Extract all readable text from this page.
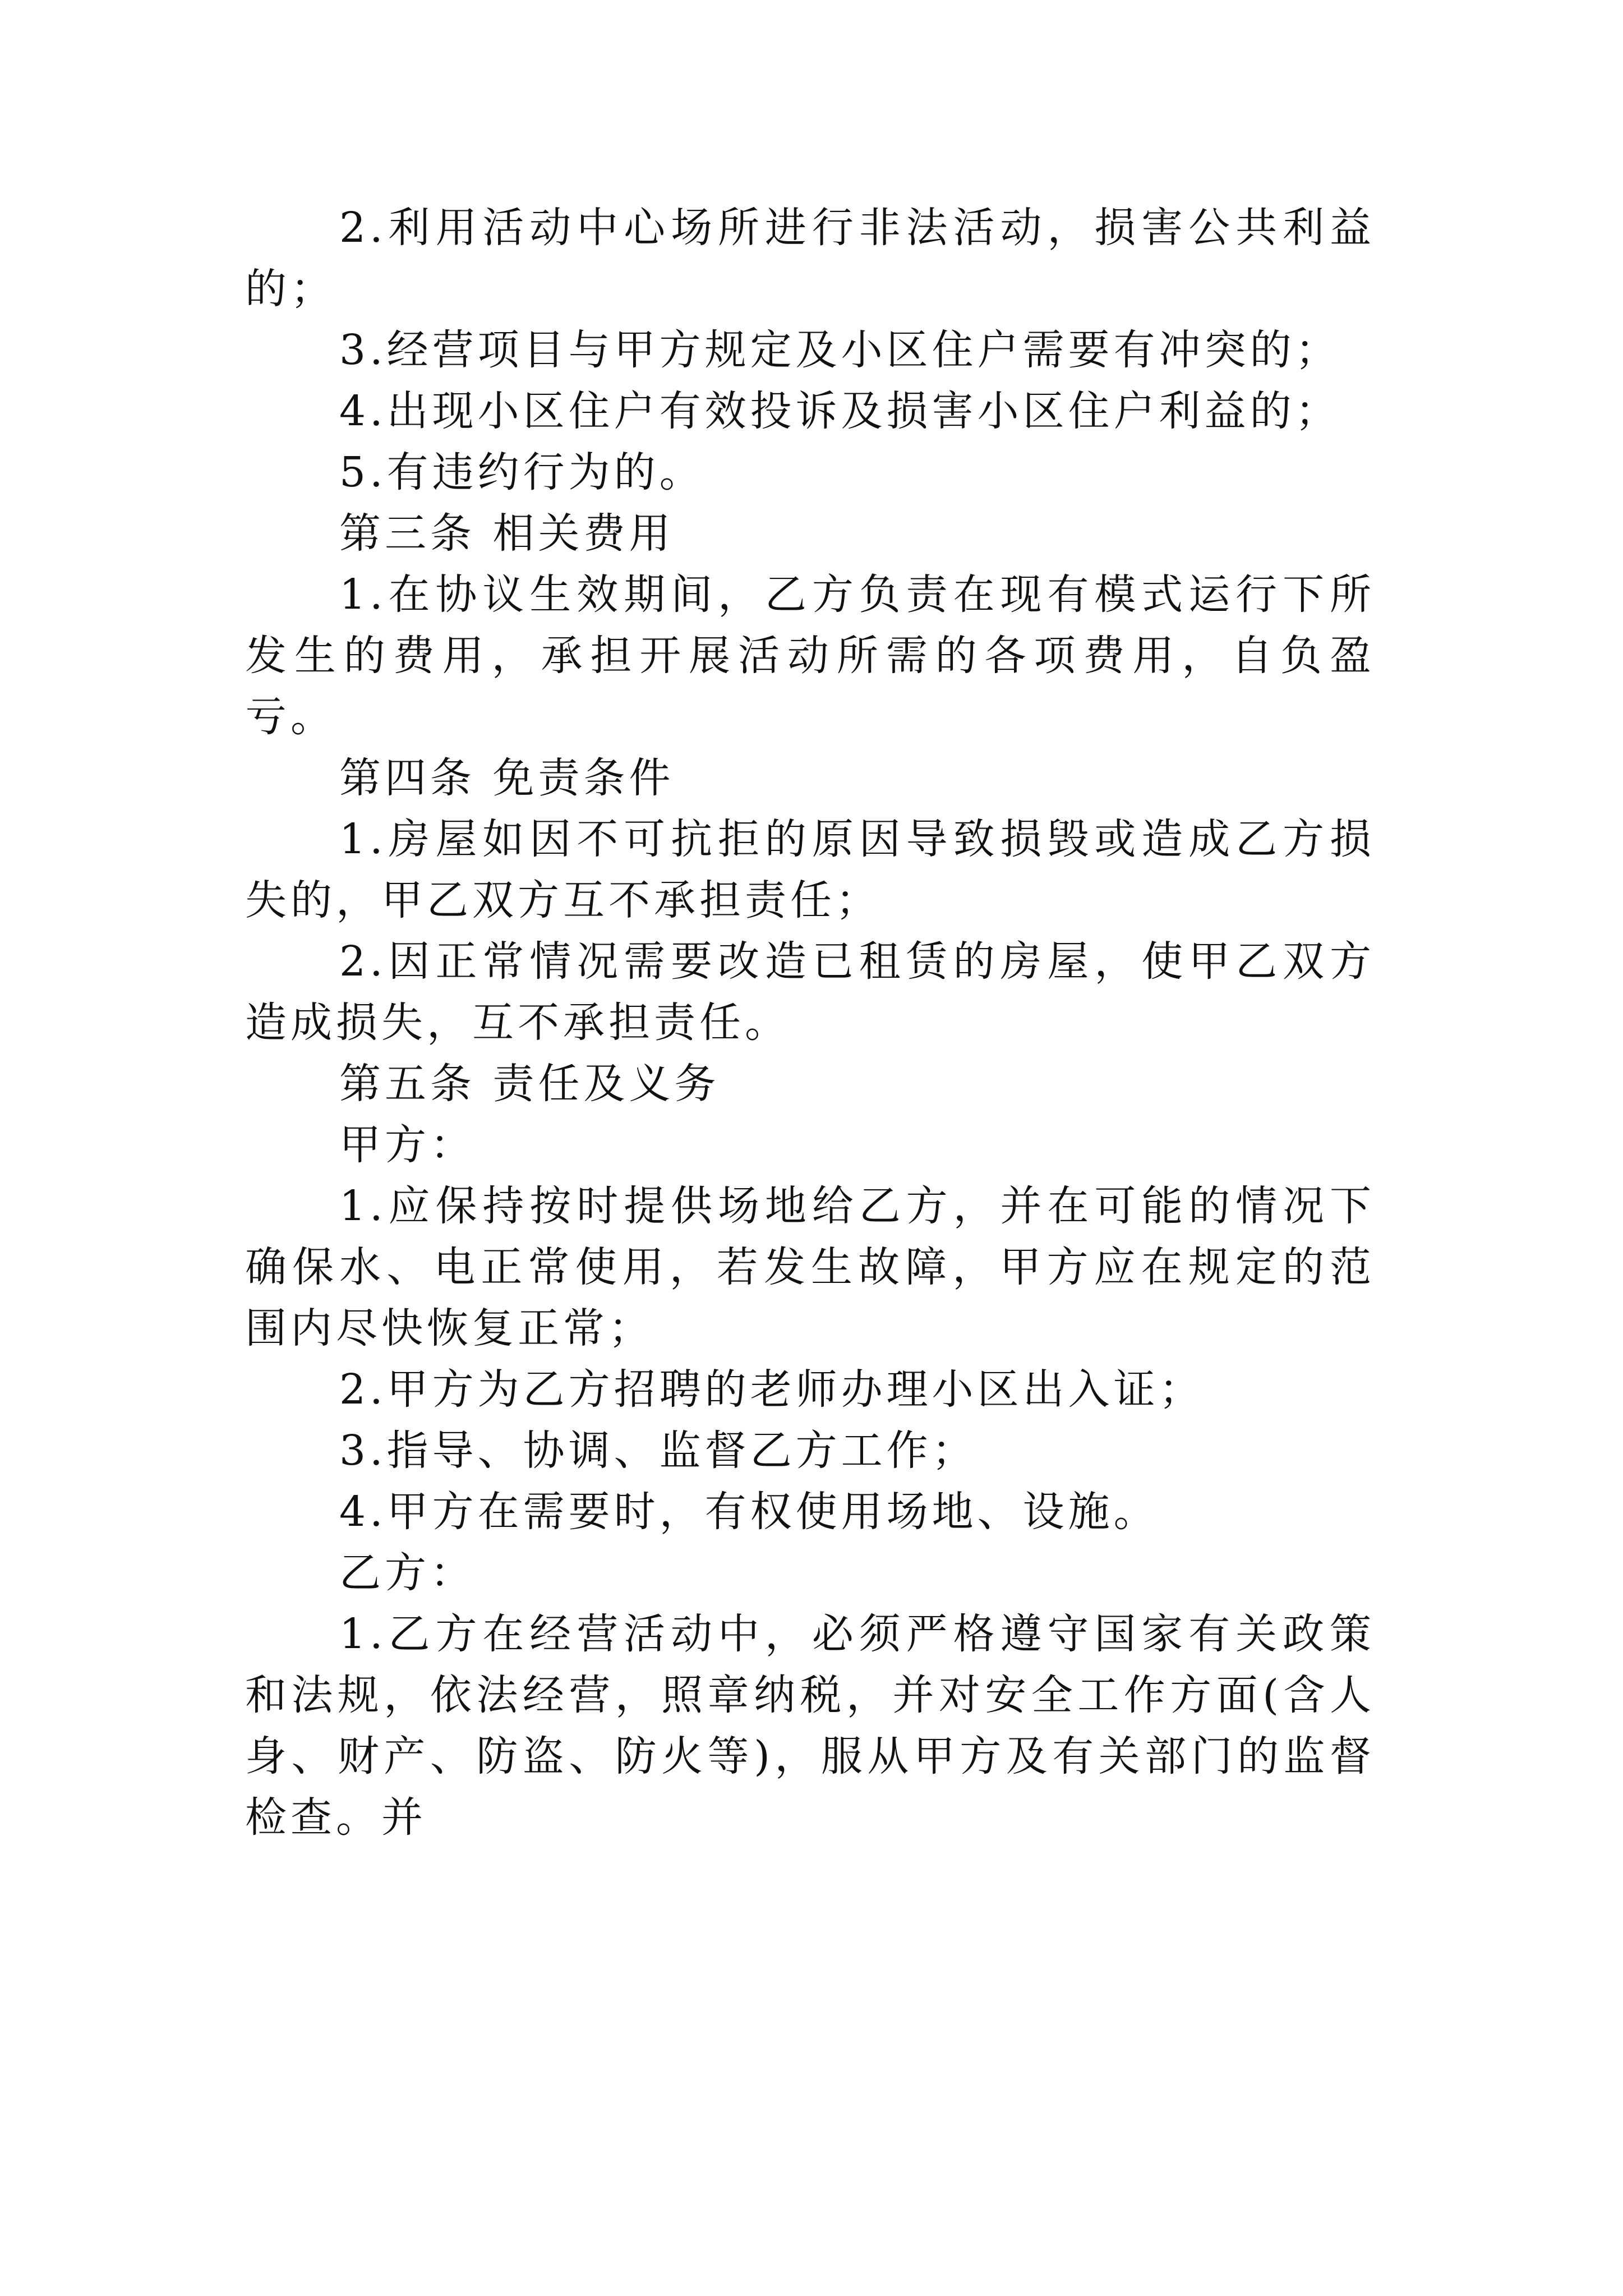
2.利用活动中心场所进行非法活动，损害公共利益的；

3.经营项目与甲方规定及小区住户需要有冲突的；

4.出现小区住户有效投诉及损害小区住户利益的；

5.有违约行为的。

第三条 相关费用

1.在协议生效期间，乙方负责在现有模式运行下所发生的费用，承担开展活动所需的各项费用，自负盈亏。

第四条 免责条件

1.房屋如因不可抗拒的原因导致损毁或造成乙方损失的，甲乙双方互不承担责任；

2.因正常情况需要改造已租赁的房屋，使甲乙双方造成损失，互不承担责任。

第五条 责任及义务

甲方：

1.应保持按时提供场地给乙方，并在可能的情况下确保水、电正常使用，若发生故障，甲方应在规定的范围内尽快恢复正常；

2.甲方为乙方招聘的老师办理小区出入证；

3.指导、协调、监督乙方工作；

4.甲方在需要时，有权使用场地、设施。

乙方：

1.乙方在经营活动中，必须严格遵守国家有关政策和法规，依法经营，照章纳税，并对安全工作方面(含人身、财产、防盗、防火等)，服从甲方及有关部门的监督检查。并
